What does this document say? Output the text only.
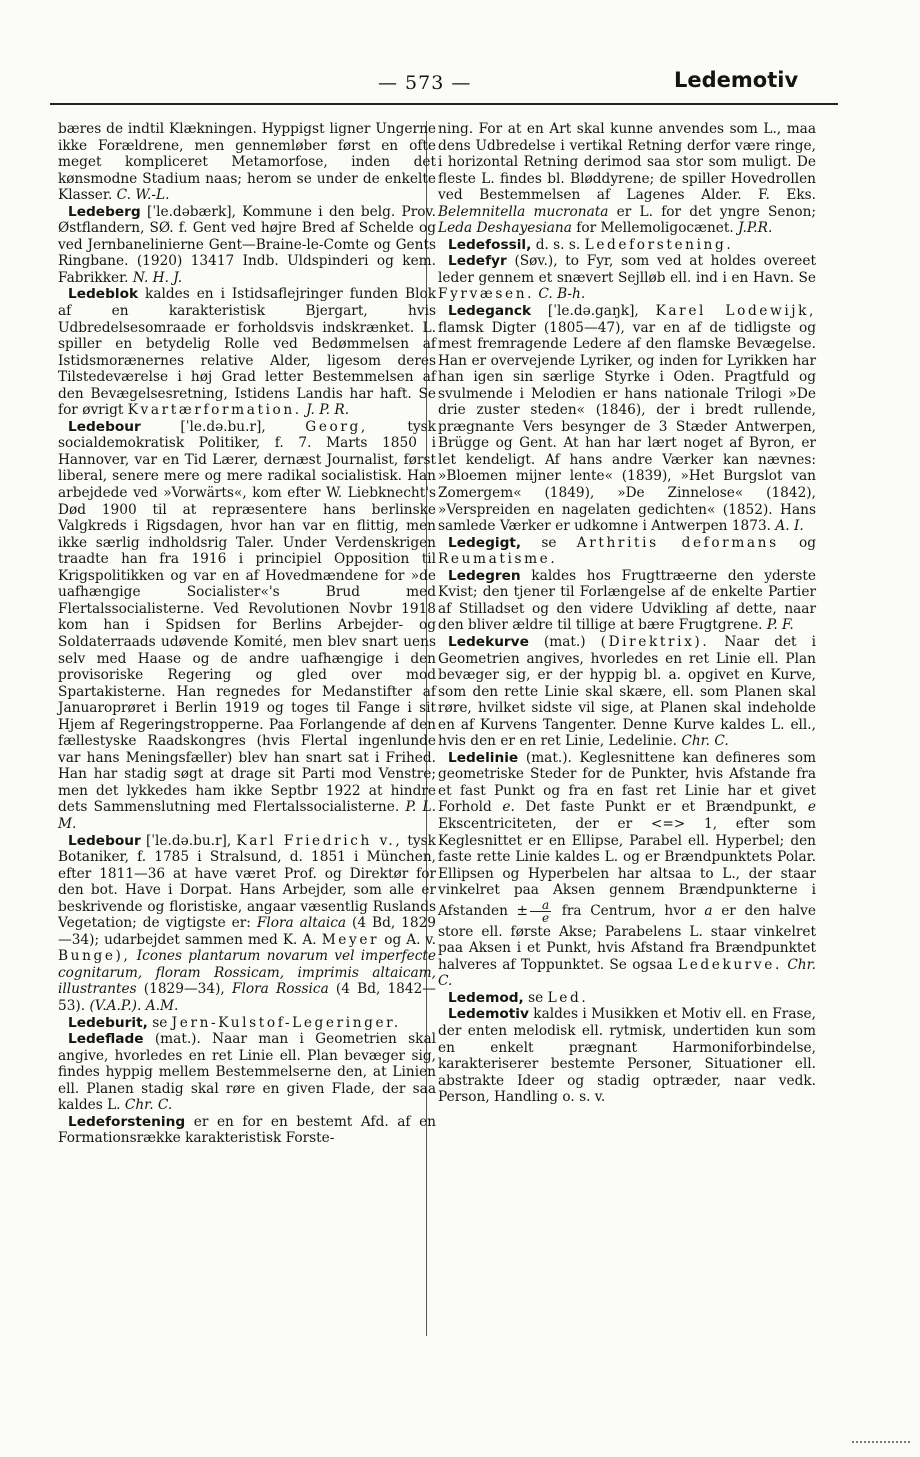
— 573 —	Ledemotiv

bæres de indtil Klækningen. Hyppigst ligner Ungerne ikke Forældrene, men gennemløber først en ofte meget kompliceret Metamorfose, inden det kønsmodne Stadium naas; herom se under de enkelte Klasser. C. W.-L.

Ledeberg [ˈle.dəbærk], Kommune i den belg. Prov. Østflandern, SØ. f. Gent ved højre Bred af Schelde og ved Jernbanelinierne Gent—Braine-le-Comte og Gents Ringbane. (1920) 13417 Indb. Uldspinderi og kem. Fabrikker. N. H. J.

Ledeblok kaldes en i Istidsaflejringer funden Blok af en karakteristisk Bjergart, hvis Udbredelsesomraade er forholdsvis indskrænket. L. spiller en betydelig Rolle ved Bedømmelsen af Istidsmorænernes relative Alder, ligesom deres Tilstedeværelse i høj Grad letter Bestemmelsen af den Bevægelsesretning, Istidens Landis har haft. Se for øvrigt Kvartærformation. J. P. R.

Ledebour	[ˈle.də.bu.r],	Georg,	tysk socialdemokratisk Politiker, f. 7. Marts 1850 i Hannover, var en Tid Lærer, dernæst Journalist, først liberal, senere mere og mere radikal socialistisk. Han arbejdede ved »Vorwärts«, kom efter W. Liebknecht's Død 1900 til at repræsentere hans berlinske Valgkreds i Rigsdagen, hvor han var en flittig, men ikke særlig indholdsrig Taler. Under Verdenskrigen traadte han fra 1916 i principiel Opposition til Krigspolitikken og var en af Hovedmændene for »de uafhængige Socialister«'s Brud med Flertalssocialisterne. Ved Revolutionen Novbr 1918 kom han i Spidsen for Berlins Arbejder- og Soldaterraads udøvende Komité, men blev snart uens selv med Haase og de andre uafhængige i den provisoriske Regering og gled over mod Spartakisterne. Han regnedes for Medanstifter af Januaroprøret i Berlin 1919 og toges til Fange i sit Hjem af Regeringstropperne. Paa Forlangende af den fællestyske Raadskongres (hvis Flertal ingenlunde var hans Meningsfæller) blev han snart sat i Frihed. Han har stadig søgt at drage sit Parti mod Venstre; men det lykkedes ham ikke Septbr 1922 at hindre dets Sammenslutning med Flertalssocialisterne. P. L. M.

Ledebour [ˈle.də.bu.r], Karl Friedrich v., tysk Botaniker, f. 1785 i Stralsund, d. 1851 i München, efter 1811—36 at have været Prof. og Direktør for den bot. Have i Dorpat. Hans Arbejder, som alle er beskrivende og floristiske, angaar væsentlig Ruslands Vegetation; de vigtigste er: Flora altaica (4 Bd, 1829—34); udarbejdet sammen med K. A. Meyer og A. v. Bunge), Icones plantarum novarum vel imperfecte cognitarum, floram Rossicam, imprimis altaicam, illustrantes (1829—34), Flora Rossica (4 Bd, 1842—53). (V.A.P.). A.M.

Ledeburit, se Jern-Kulstof-Legeringer.

Ledeflade (mat.). Naar man i Geometrien skal angive, hvorledes en ret Linie ell. Plan bevæger sig, findes hyppig mellem Bestemmelserne den, at Linien ell. Planen stadig skal røre en given Flade, der saa kaldes L. Chr. C.

Ledeforstening er en for en bestemt Afd. af en Formationsrække karakteristisk Forste-

ning. For at en Art skal kunne anvendes som L., maa dens Udbredelse i vertikal Retning derfor være ringe, i horizontal Retning derimod saa stor som muligt. De fleste L. findes bl. Bløddyrene; de spiller Hovedrollen ved Bestemmelsen af Lagenes Alder. F. Eks. Belemnitella mucronata er L. for det yngre Senon; Leda Deshayesiana for Mellemoligocænet. J.P.R.

Ledefossil, d. s. s. Ledeforstening.

Ledefyr (Søv.), to Fyr, som ved at holdes overeet leder gennem et snævert Sejlløb ell. ind i en Havn. Se Fyrvæsen. C. B-h.

Ledeganck [ˈle.də.gaŋk], Karel Lodewijk, flamsk Digter (1805—47), var en af de tidligste og mest fremragende Ledere af den flamske Bevægelse. Han er overvejende Lyriker, og inden for Lyrikken har han igen sin særlige Styrke i Oden. Pragtfuld og svulmende i Melodien er hans nationale Trilogi »De drie zuster steden« (1846), der i bredt rullende, prægnante Vers besynger de 3 Stæder Antwerpen, Brügge og Gent. At han har lært noget af Byron, er let kendeligt. Af hans andre Værker kan nævnes: »Bloemen mijner lente« (1839), »Het Burgslot van Zomergem« (1849), »De Zinnelose« (1842), »Verspreiden en nagelaten gedichten« (1852). Hans samlede Værker er udkomne i Antwerpen 1873. A. I.

Ledegigt, se Arthritis deformans og Reumatisme.

Ledegren kaldes hos Frugttræerne den yderste Kvist; den tjener til Forlængelse af de enkelte Partier af Stilladset og den videre Udvikling af dette, naar den bliver ældre til tillige at bære Frugtgrene. P. F.

Ledekurve (mat.) (Direktrix). Naar det i Geometrien angives, hvorledes en ret Linie ell. Plan bevæger sig, er der hyppig bl. a. opgivet en Kurve, som den rette Linie skal skære, ell. som Planen skal røre, hvilket sidste vil sige, at Planen skal indeholde en af Kurvens Tangenter. Denne Kurve kaldes L. ell., hvis den er en ret Linie, Ledelinie. Chr. C.

Ledelinie (mat.). Keglesnittene kan defineres som geometriske Steder for de Punkter, hvis Afstande fra et fast Punkt og fra en fast ret Linie har et givet Forhold e. Det faste Punkt er et Brændpunkt, e Ekscentriciteten, der er <=> 1, efter som Keglesnittet er en Ellipse, Parabel ell. Hyperbel; den faste rette Linie kaldes L. og er Brændpunktets Polar. Ellipsen og Hyperbelen har altsaa to L., der staar vinkelret paa Aksen gennem Brændpunkterne i Afstanden ± $\frac{a}{e}$ fra Centrum, hvor a er den halve store ell. første Akse; Parabelens L. staar vinkelret paa Aksen i et Punkt, hvis Afstand fra Brændpunktet halveres af Toppunktet. Se ogsaa Ledekurve. Chr. C.

Ledemod, se Led.

Ledemotiv kaldes i Musikken et Motiv ell. en Frase, der enten melodisk ell. rytmisk, undertiden kun som en enkelt prægnant Harmoniforbindelse, karakteriserer bestemte Personer, Situationer ell. abstrakte Ideer og stadig optræder, naar vedk. Person, Handling o. s. v.
